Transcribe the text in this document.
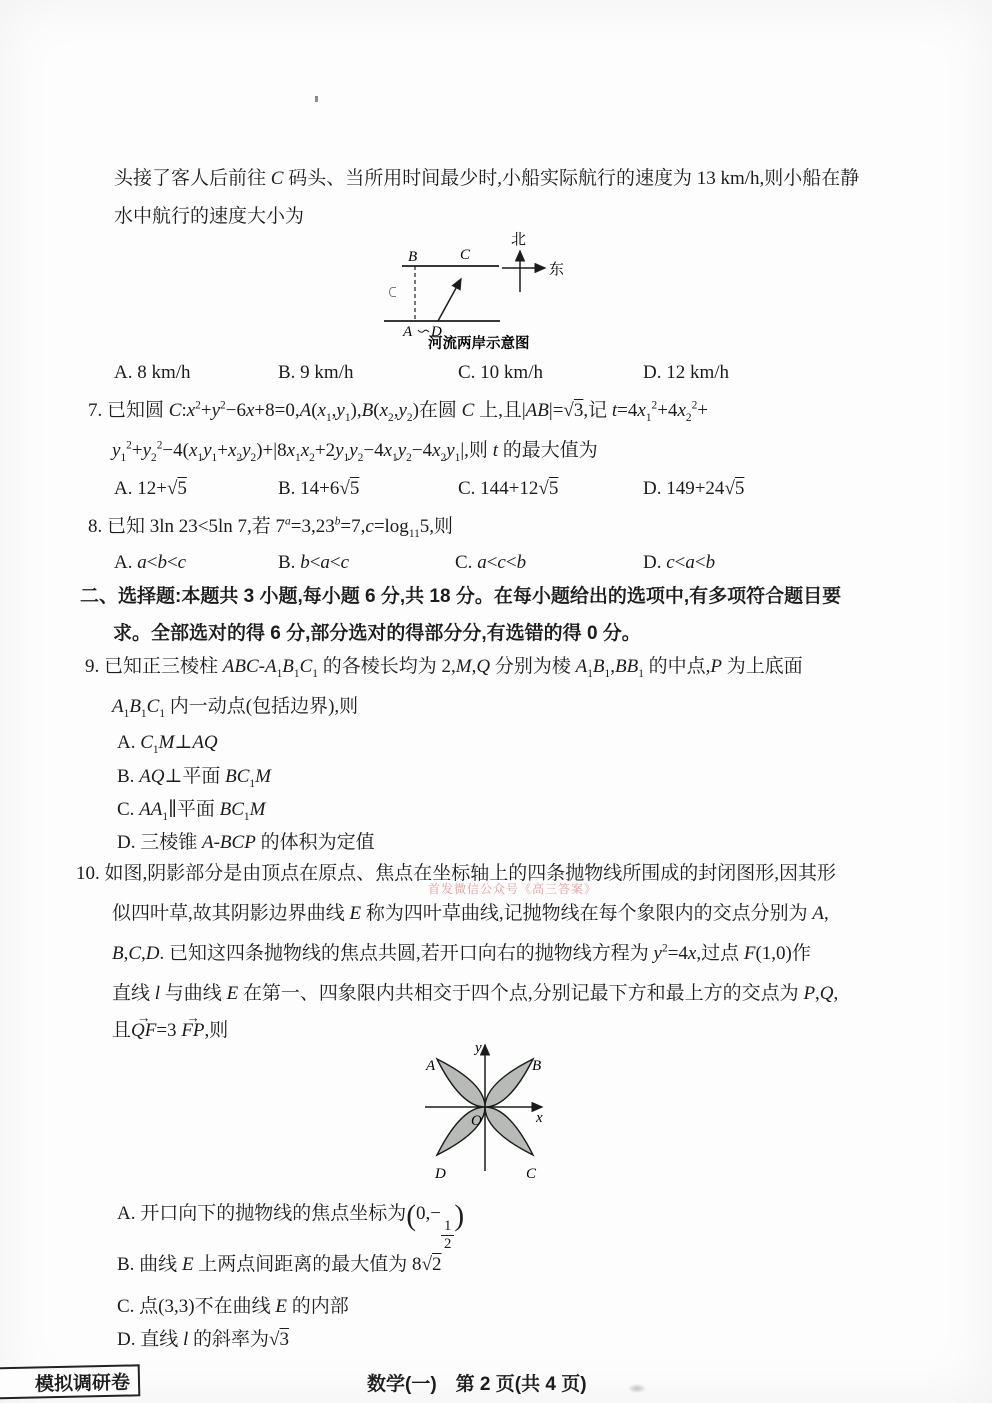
头接了客人后前往 C 码头、当所用时间最少时,小船实际航行的速度为 13 km/h,则小船在静
水中航行的速度大小为
B	C
A D
北
东
河流两岸示意图
A. 8 km/h	B. 9 km/h	C. 10 km/h	D. 12 km/h
7. 已知圆 $C:x^2+y^2-6x+8=0,A(x_1,y_1),B(x_2,y_2)$在圆 C 上,且|AB|=√3,记 $t=4x_1^2+4x_2^2+$
$y_1^2+y_2^2-4(x_1y_1+x_2y_2)+|8x_1x_2+2y_1y_2-4x_1y_2-4x_2y_1|$,则 t 的最大值为
A. 12+√5	B. 14+6√5	C. 144+12√5	D. 149+24√5
8. 已知 3ln 23<5ln 7,若 $7^a=3,23^b=7,c=\log_{11}5$,则
A. a<b<c	B. b<a<c	C. a<c<b	D. c<a<b
二、选择题:本题共 3 小题,每小题 6 分,共 18 分。在每小题给出的选项中,有多项符合题目要
求。全部选对的得 6 分,部分选对的得部分分,有选错的得 0 分。
9. 已知正三棱柱 ABC-$A_1B_1C_1$ 的各棱长均为 2,M,Q 分别为棱 $A_1B_1,BB_1$ 的中点,P 为上底面
$A_1B_1C_1$ 内一动点(包括边界),则
A. $C_1M\perp AQ$
B. AQ⊥平面 $BC_1M$
C. $AA_1\parallel$平面 $BC_1M$
D. 三棱锥 A-BCP 的体积为定值
10. 如图,阴影部分是由顶点在原点、焦点在坐标轴上的四条抛物线所围成的封闭图形,因其形
首发微信公众号《高三答案》
似四叶草,故其阴影边界曲线 E 称为四叶草曲线,记抛物线在每个象限内的交点分别为 A,
B,C,D. 已知这四条抛物线的焦点共圆,若开口向右的抛物线方程为 $y^2=4x$,过点 F(1,0)作
直线 l 与曲线 E 在第一、四象限内共相交于四个点,分别记最下方和最上方的交点为 P,Q,
且QF →=3 FP →,则
y
x
O
A	B
D	C
A. 开口向下的抛物线的焦点坐标为(0,−
$\frac{1}{2}$
)
B. 曲线 E 上两点间距离的最大值为 8√2
C. 点(3,3)不在曲线 E 的内部
D. 直线 l 的斜率为√3
模拟调研卷	数学(一)　第 2 页(共 4 页)
